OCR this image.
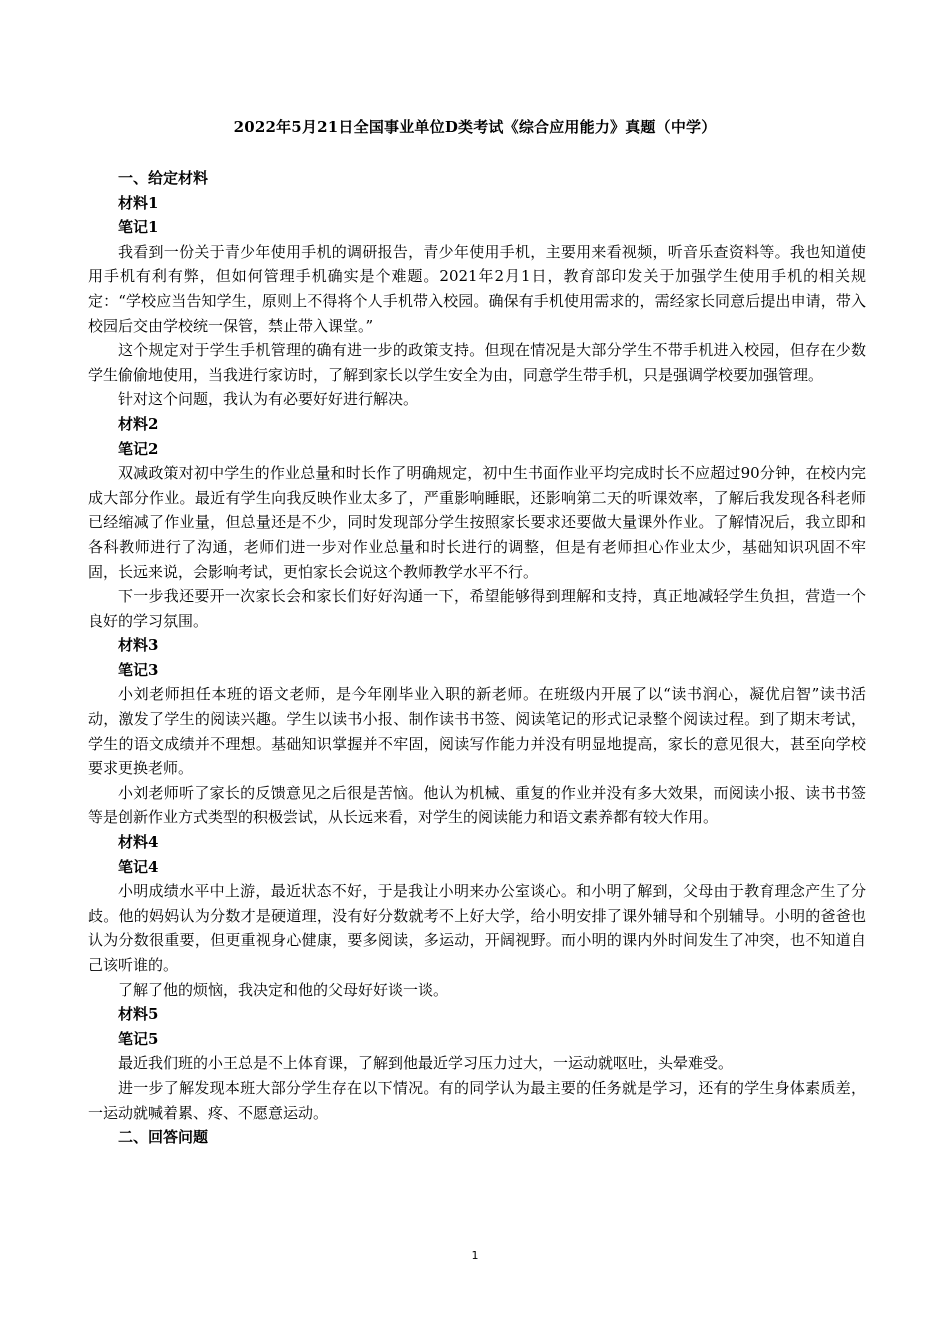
2022年5月21日全国事业单位D类考试《综合应用能力》真题（中学）

一、给定材料

材料1

笔记1

我看到一份关于青少年使用手机的调研报告，青少年使用手机，主要用来看视频，听音乐查资料等。我也知道使用手机有利有弊，但如何管理手机确实是个难题。2021年2月1日，教育部印发关于加强学生使用手机的相关规定：“学校应当告知学生，原则上不得将个人手机带入校园。确保有手机使用需求的，需经家长同意后提出申请，带入校园后交由学校统一保管，禁止带入课堂。”

这个规定对于学生手机管理的确有进一步的政策支持。但现在情况是大部分学生不带手机进入校园，但存在少数学生偷偷地使用，当我进行家访时，了解到家长以学生安全为由，同意学生带手机，只是强调学校要加强管理。

针对这个问题，我认为有必要好好进行解决。

材料2

笔记2

双减政策对初中学生的作业总量和时长作了明确规定，初中生书面作业平均完成时长不应超过90分钟，在校内完成大部分作业。最近有学生向我反映作业太多了，严重影响睡眠，还影响第二天的听课效率，了解后我发现各科老师已经缩减了作业量，但总量还是不少，同时发现部分学生按照家长要求还要做大量课外作业。了解情况后，我立即和各科教师进行了沟通，老师们进一步对作业总量和时长进行的调整，但是有老师担心作业太少，基础知识巩固不牢固，长远来说，会影响考试，更怕家长会说这个教师教学水平不行。

下一步我还要开一次家长会和家长们好好沟通一下，希望能够得到理解和支持，真正地减轻学生负担，营造一个良好的学习氛围。

材料3

笔记3

小刘老师担任本班的语文老师，是今年刚毕业入职的新老师。在班级内开展了以“读书润心，凝优启智”读书活动，激发了学生的阅读兴趣。学生以读书小报、制作读书书签、阅读笔记的形式记录整个阅读过程。到了期末考试，学生的语文成绩并不理想。基础知识掌握并不牢固，阅读写作能力并没有明显地提高，家长的意见很大，甚至向学校要求更换老师。

小刘老师听了家长的反馈意见之后很是苦恼。他认为机械、重复的作业并没有多大效果，而阅读小报、读书书签等是创新作业方式类型的积极尝试，从长远来看，对学生的阅读能力和语文素养都有较大作用。

材料4

笔记4

小明成绩水平中上游，最近状态不好，于是我让小明来办公室谈心。和小明了解到，父母由于教育理念产生了分歧。他的妈妈认为分数才是硬道理，没有好分数就考不上好大学，给小明安排了课外辅导和个别辅导。小明的爸爸也认为分数很重要，但更重视身心健康，要多阅读，多运动，开阔视野。而小明的课内外时间发生了冲突，也不知道自己该听谁的。

了解了他的烦恼，我决定和他的父母好好谈一谈。

材料5

笔记5

最近我们班的小王总是不上体育课，了解到他最近学习压力过大，一运动就呕吐，头晕难受。

进一步了解发现本班大部分学生存在以下情况。有的同学认为最主要的任务就是学习，还有的学生身体素质差，一运动就喊着累、疼、不愿意运动。

二、回答问题

1
